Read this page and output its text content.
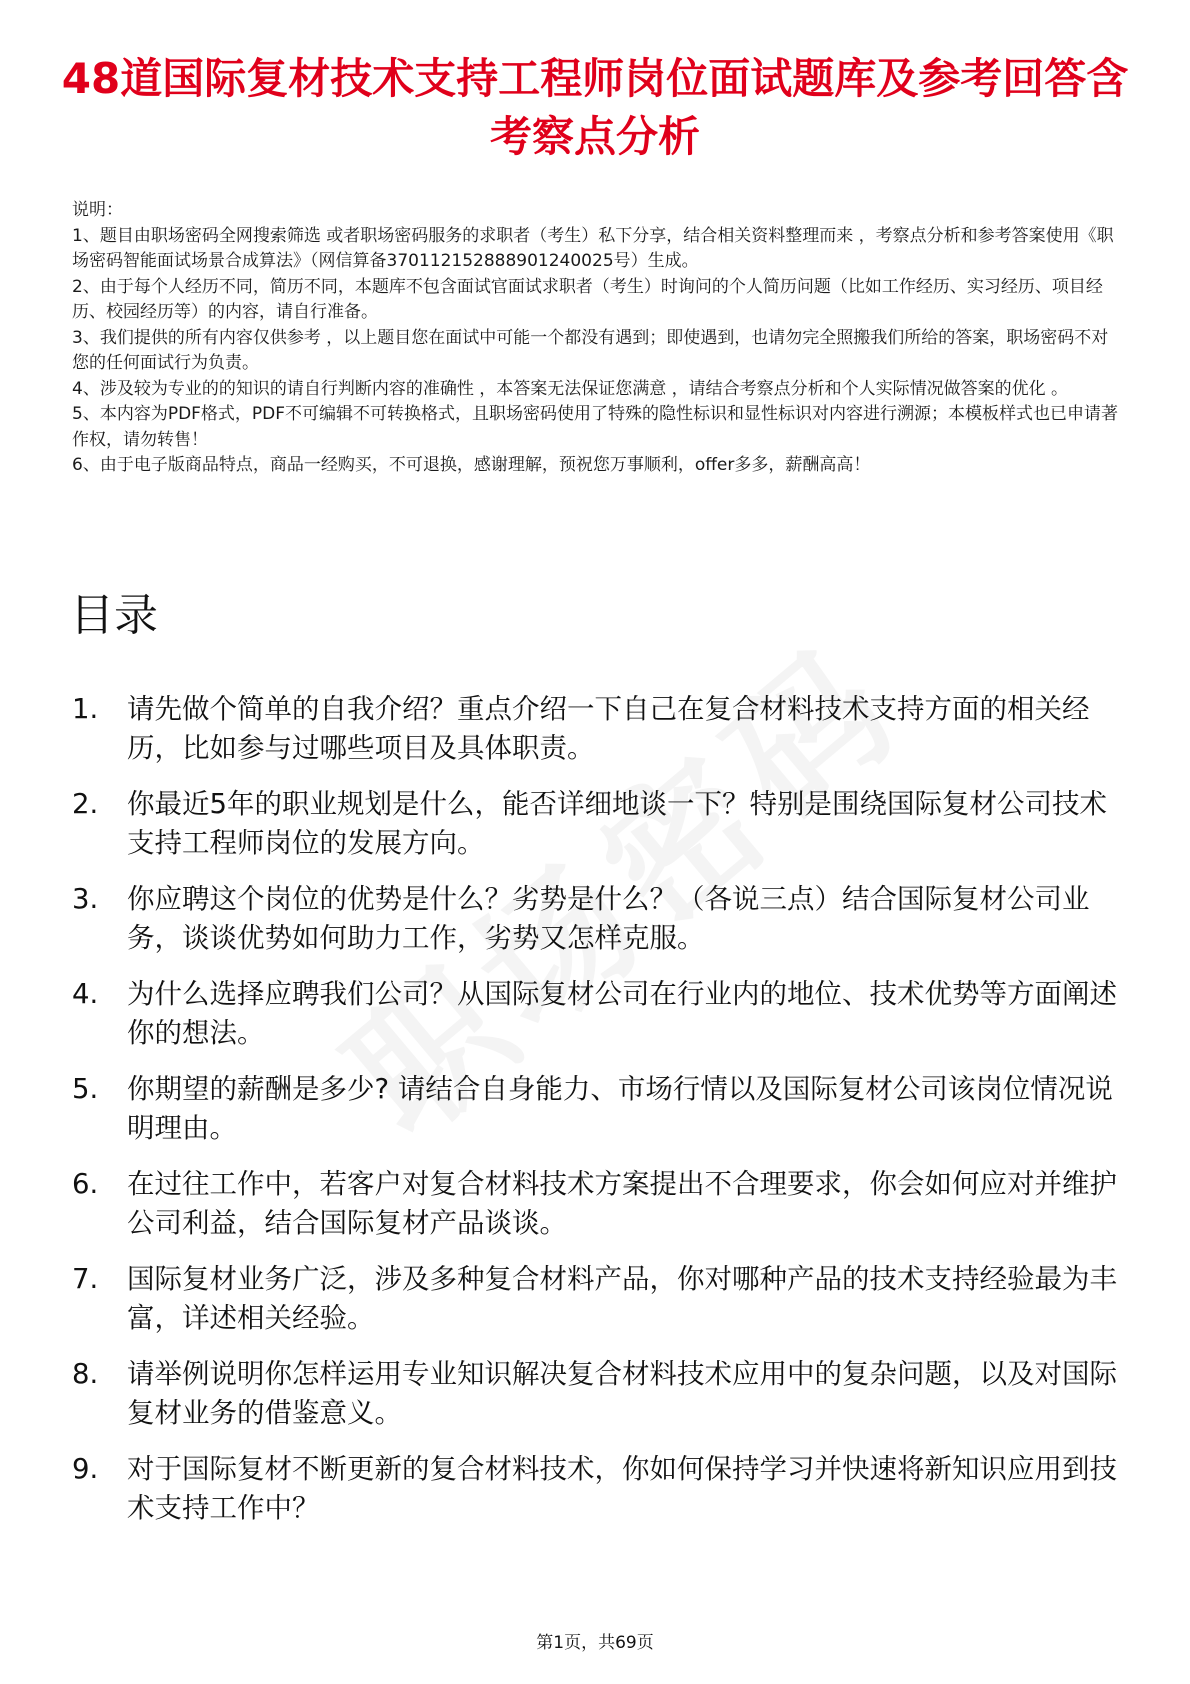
48道国际复材技术支持工程师岗位面试题库及参考回答含考察点分析
说明：
1、题目由职场密码全网搜索筛选 或者职场密码服务的求职者（考生）私下分享，结合相关资料整理而来 ，考察点分析和参考答案使用《职场密码智能面试场景合成算法》（网信算备370112152888901240025号）生成。
2、由于每个人经历不同，简历不同，本题库不包含面试官面试求职者（考生）时询问的个人简历问题（比如工作经历、实习经历、项目经历、校园经历等）的内容，请自行准备。
3、我们提供的所有内容仅供参考 ，以上题目您在面试中可能一个都没有遇到；即使遇到，也请勿完全照搬我们所给的答案，职场密码不对您的任何面试行为负责。
4、涉及较为专业的的知识的请自行判断内容的准确性 ，本答案无法保证您满意 ，请结合考察点分析和个人实际情况做答案的优化 。
5、本内容为PDF格式，PDF不可编辑不可转换格式，且职场密码使用了特殊的隐性标识和显性标识对内容进行溯源；本模板样式也已申请著作权，请勿转售！
6、由于电子版商品特点，商品一经购买，不可退换，感谢理解，预祝您万事顺利，offer多多，薪酬高高！
目录
1. 请先做个简单的自我介绍？重点介绍一下自己在复合材料技术支持方面的相关经历，比如参与过哪些项目及具体职责。
2. 你最近5年的职业规划是什么，能否详细地谈一下？特别是围绕国际复材公司技术支持工程师岗位的发展方向。
3. 你应聘这个岗位的优势是什么？劣势是什么？（各说三点）结合国际复材公司业务，谈谈优势如何助力工作，劣势又怎样克服。
4. 为什么选择应聘我们公司？从国际复材公司在行业内的地位、技术优势等方面阐述你的想法。
5. 你期望的薪酬是多少? 请结合自身能力、市场行情以及国际复材公司该岗位情况说明理由。
6. 在过往工作中，若客户对复合材料技术方案提出不合理要求，你会如何应对并维护公司利益，结合国际复材产品谈谈。
7. 国际复材业务广泛，涉及多种复合材料产品，你对哪种产品的技术支持经验最为丰富，详述相关经验。
8. 请举例说明你怎样运用专业知识解决复合材料技术应用中的复杂问题，以及对国际复材业务的借鉴意义。
9. 对于国际复材不断更新的复合材料技术，你如何保持学习并快速将新知识应用到技术支持工作中？
第1页，共69页
